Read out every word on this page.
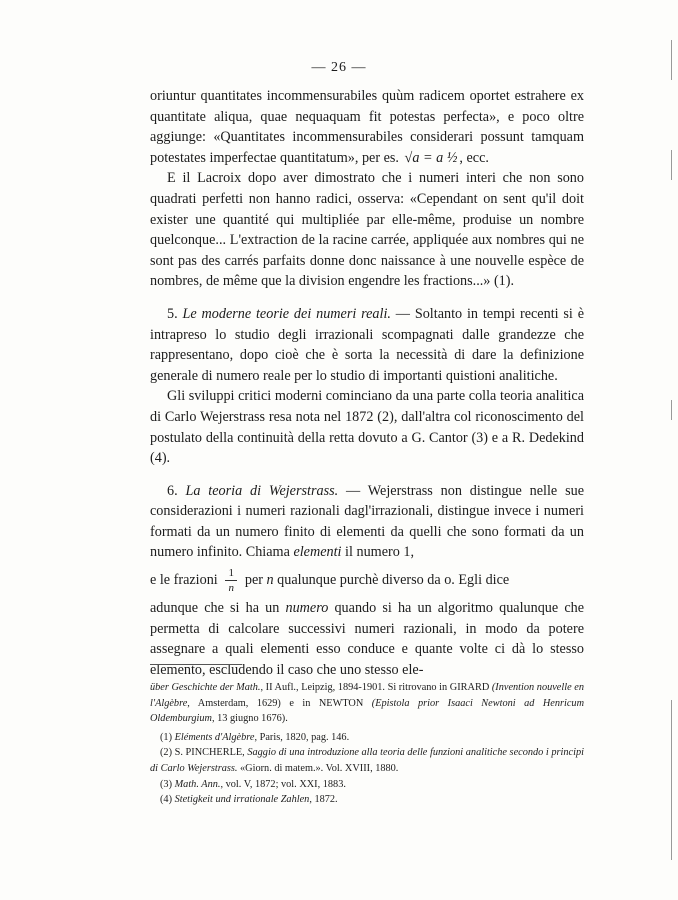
— 26 —

oriuntur quantitates incommensurabiles quùm radicem oportet estrahere ex quantitate aliqua, quae nequaquam fit potestas perfecta», e poco oltre aggiunge: «Quantitates incommensurabiles considerari possunt tamquam potestates imperfectae quantitatum», per es. √a = a ½ , ecc.

E il Lacroix dopo aver dimostrato che i numeri interi che non sono quadrati perfetti non hanno radici, osserva: «Cependant on sent qu'il doit exister une quantité qui multipliée par elle-même, produise un nombre quelconque... L'extraction de la racine carrée, appliquée aux nombres qui ne sont pas des carrés parfaits donne donc naissance à une nouvelle espèce de nombres, de même que la division engendre les fractions...» (1).

5. Le moderne teorie dei numeri reali. — Soltanto in tempi recenti si è intrapreso lo studio degli irrazionali scompagnati dalle grandezze che rappresentano, dopo cioè che è sorta la necessità di dare la definizione generale di numero reale per lo studio di importanti quistioni analitiche.

Gli sviluppi critici moderni cominciano da una parte colla teoria analitica di Carlo Wejerstrass resa nota nel 1872 (2), dall'altra col riconoscimento del postulato della continuità della retta dovuto a G. Cantor (3) e a R. Dedekind (4).

6. La teoria di Wejerstrass. — Wejerstrass non distingue nelle sue considerazioni i numeri razionali dagl'irrazionali, distingue invece i numeri formati da un numero finito di elementi da quelli che sono formati da un numero infinito. Chiama elementi il numero 1,

e le frazioni $\frac{1}{n}$ per n qualunque purchè diverso da o. Egli dice

adunque che si ha un numero quando si ha un algoritmo qualunque che permetta di calcolare successivi numeri razionali, in modo da potere assegnare a quali elementi esso conduce e quante volte ci dà lo stesso elemento, escludendo il caso che uno stesso ele-

über Geschichte der Math., II Aufl., Leipzig, 1894-1901. Si ritrovano in GIRARD (Invention nouvelle en l'Algèbre, Amsterdam, 1629) e in NEWTON (Epistola prior Isaaci Newtoni ad Henricum Oldemburgium, 13 giugno 1676).

(1) Eléments d'Algèbre, Paris, 1820, pag. 146.

(2) S. PINCHERLE, Saggio di una introduzione alla teoria delle funzioni analitiche secondo i principi di Carlo Wejerstrass. «Giorn. di matem.». Vol. XVIII, 1880.

(3) Math. Ann., vol. V, 1872; vol. XXI, 1883.

(4) Stetigkeit und irrationale Zahlen, 1872.
